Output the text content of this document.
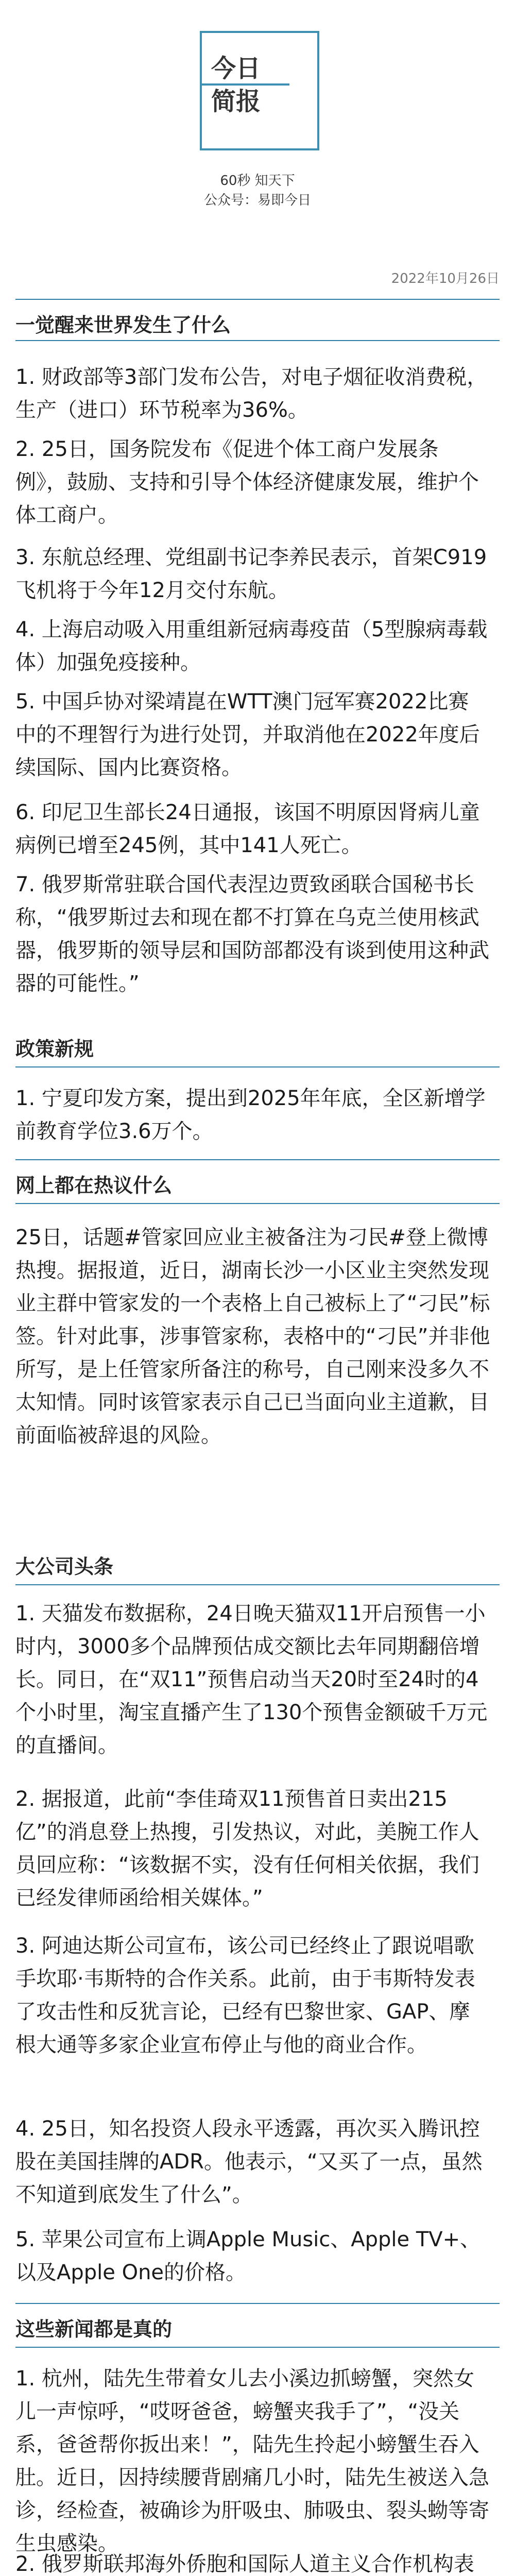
今日
简报
60秒 知天下
公众号：易即今日
2022年10月26日
一觉醒来世界发生了什么

1. 财政部等3部门发布公告，对电子烟征收消费税，生产（进口）环节税率为36%。

2. 25日，国务院发布《促进个体工商户发展条例》，鼓励、支持和引导个体经济健康发展，维护个体工商户。

3. 东航总经理、党组副书记李养民表示，首架C919飞机将于今年12月交付东航。

4. 上海启动吸入用重组新冠病毒疫苗（5型腺病毒载体）加强免疫接种。

5. 中国乒协对梁靖崑在WTT澳门冠军赛2022比赛中的不理智行为进行处罚，并取消他在2022年度后续国际、国内比赛资格。

6. 印尼卫生部长24日通报，该国不明原因肾病儿童病例已增至245例，其中141人死亡。

7. 俄罗斯常驻联合国代表涅边贾致函联合国秘书长称，“俄罗斯过去和现在都不打算在乌克兰使用核武器，俄罗斯的领导层和国防部都没有谈到使用这种武器的可能性。”

政策新规

1. 宁夏印发方案，提出到2025年年底，全区新增学前教育学位3.6万个。

网上都在热议什么

25日，话题#管家回应业主被备注为刁民#登上微博热搜。据报道，近日，湖南长沙一小区业主突然发现业主群中管家发的一个表格上自己被标上了“刁民”标签。针对此事，涉事管家称，表格中的“刁民”并非他所写，是上任管家所备注的称号，自己刚来没多久不太知情。同时该管家表示自己已当面向业主道歉，目前面临被辞退的风险。

大公司头条

1. 天猫发布数据称，24日晚天猫双11开启预售一小时内，3000多个品牌预估成交额比去年同期翻倍增长。同日，在“双11”预售启动当天20时至24时的4个小时里，淘宝直播产生了130个预售金额破千万元的直播间。

2. 据报道，此前“李佳琦双11预售首日卖出215亿”的消息登上热搜，引发热议，对此，美腕工作人员回应称：“该数据不实，没有任何相关依据，我们已经发律师函给相关媒体。”

3. 阿迪达斯公司宣布，该公司已经终止了跟说唱歌手坎耶·韦斯特的合作关系。此前，由于韦斯特发表了攻击性和反犹言论，已经有巴黎世家、GAP、摩根大通等多家企业宣布停止与他的商业合作。

4. 25日，知名投资人段永平透露，再次买入腾讯控股在美国挂牌的ADR。他表示，“又买了一点，虽然不知道到底发生了什么”。

5. 苹果公司宣布上调Apple Music、Apple TV+、以及Apple One的价格。

这些新闻都是真的

1. 杭州，陆先生带着女儿去小溪边抓螃蟹，突然女儿一声惊呼，“哎呀爸爸，螃蟹夹我手了”，“没关系，爸爸帮你扳出来！”，陆先生拎起小螃蟹生吞入肚。近日，因持续腰背剧痛几小时，陆先生被送入急诊，经检查，被确诊为肝吸虫、肺吸虫、裂头蚴等寄生虫感染。

2. 俄罗斯联邦海外侨胞和国际人道主义合作机构表
